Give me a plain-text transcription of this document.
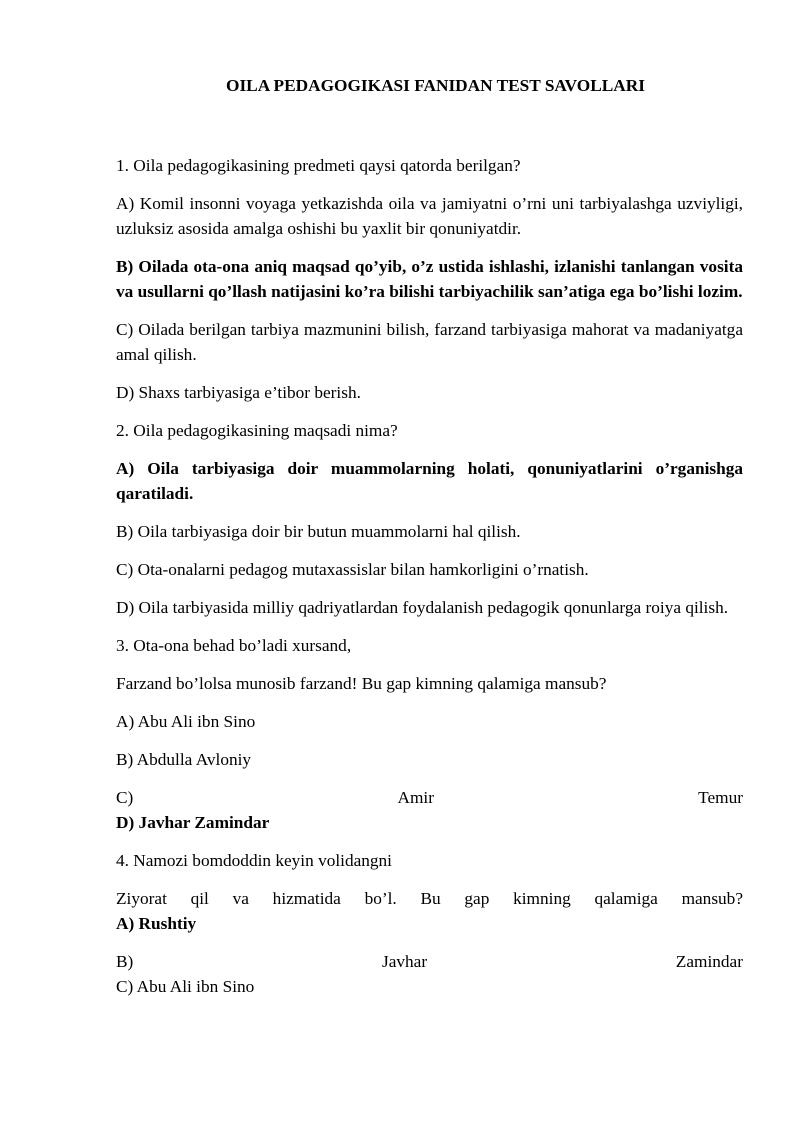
OILA PEDAGOGIKASI FANIDAN TEST SAVOLLARI

1. Oila pedagogikasining predmeti qaysi qatorda berilgan?

A) Komil insonni voyaga yetkazishda oila va jamiyatni o’rni uni tarbiyalashga uzviyligi, uzluksiz asosida amalga oshishi bu yaxlit bir qonuniyatdir.

B) Oilada ota-ona aniq maqsad qo’yib, o’z ustida ishlashi, izlanishi tanlangan vosita va usullarni qo’llash natijasini ko’ra bilishi tarbiyachilik san’atiga ega bo’lishi lozim.

C) Oilada berilgan tarbiya mazmunini bilish, farzand tarbiyasiga mahorat va madaniyatga amal qilish.

D) Shaxs tarbiyasiga e’tibor berish.

2. Oila pedagogikasining maqsadi nima?

A) Oila tarbiyasiga doir muammolarning holati, qonuniyatlarini o’rganishga qaratiladi.

B) Oila tarbiyasiga doir bir butun muammolarni hal qilish.

C) Ota-onalarni pedagog mutaxassislar bilan hamkorligini o’rnatish.

D) Oila tarbiyasida milliy qadriyatlardan foydalanish pedagogik qonunlarga roiya qilish.

3. Ota-ona behad bo’ladi xursand,

Farzand bo’lolsa munosib farzand! Bu gap kimning qalamiga mansub?

A) Abu Ali ibn Sino

B) Abdulla Avloniy

C)	Amir	Temur
D) Javhar Zamindar

4. Namozi bomdoddin keyin volidangni

Ziyorat qil va hizmatida bo’l. Bu gap kimning qalamiga mansub?
A) Rushtiy
B)	Javhar	Zamindar
C) Abu Ali ibn Sino
